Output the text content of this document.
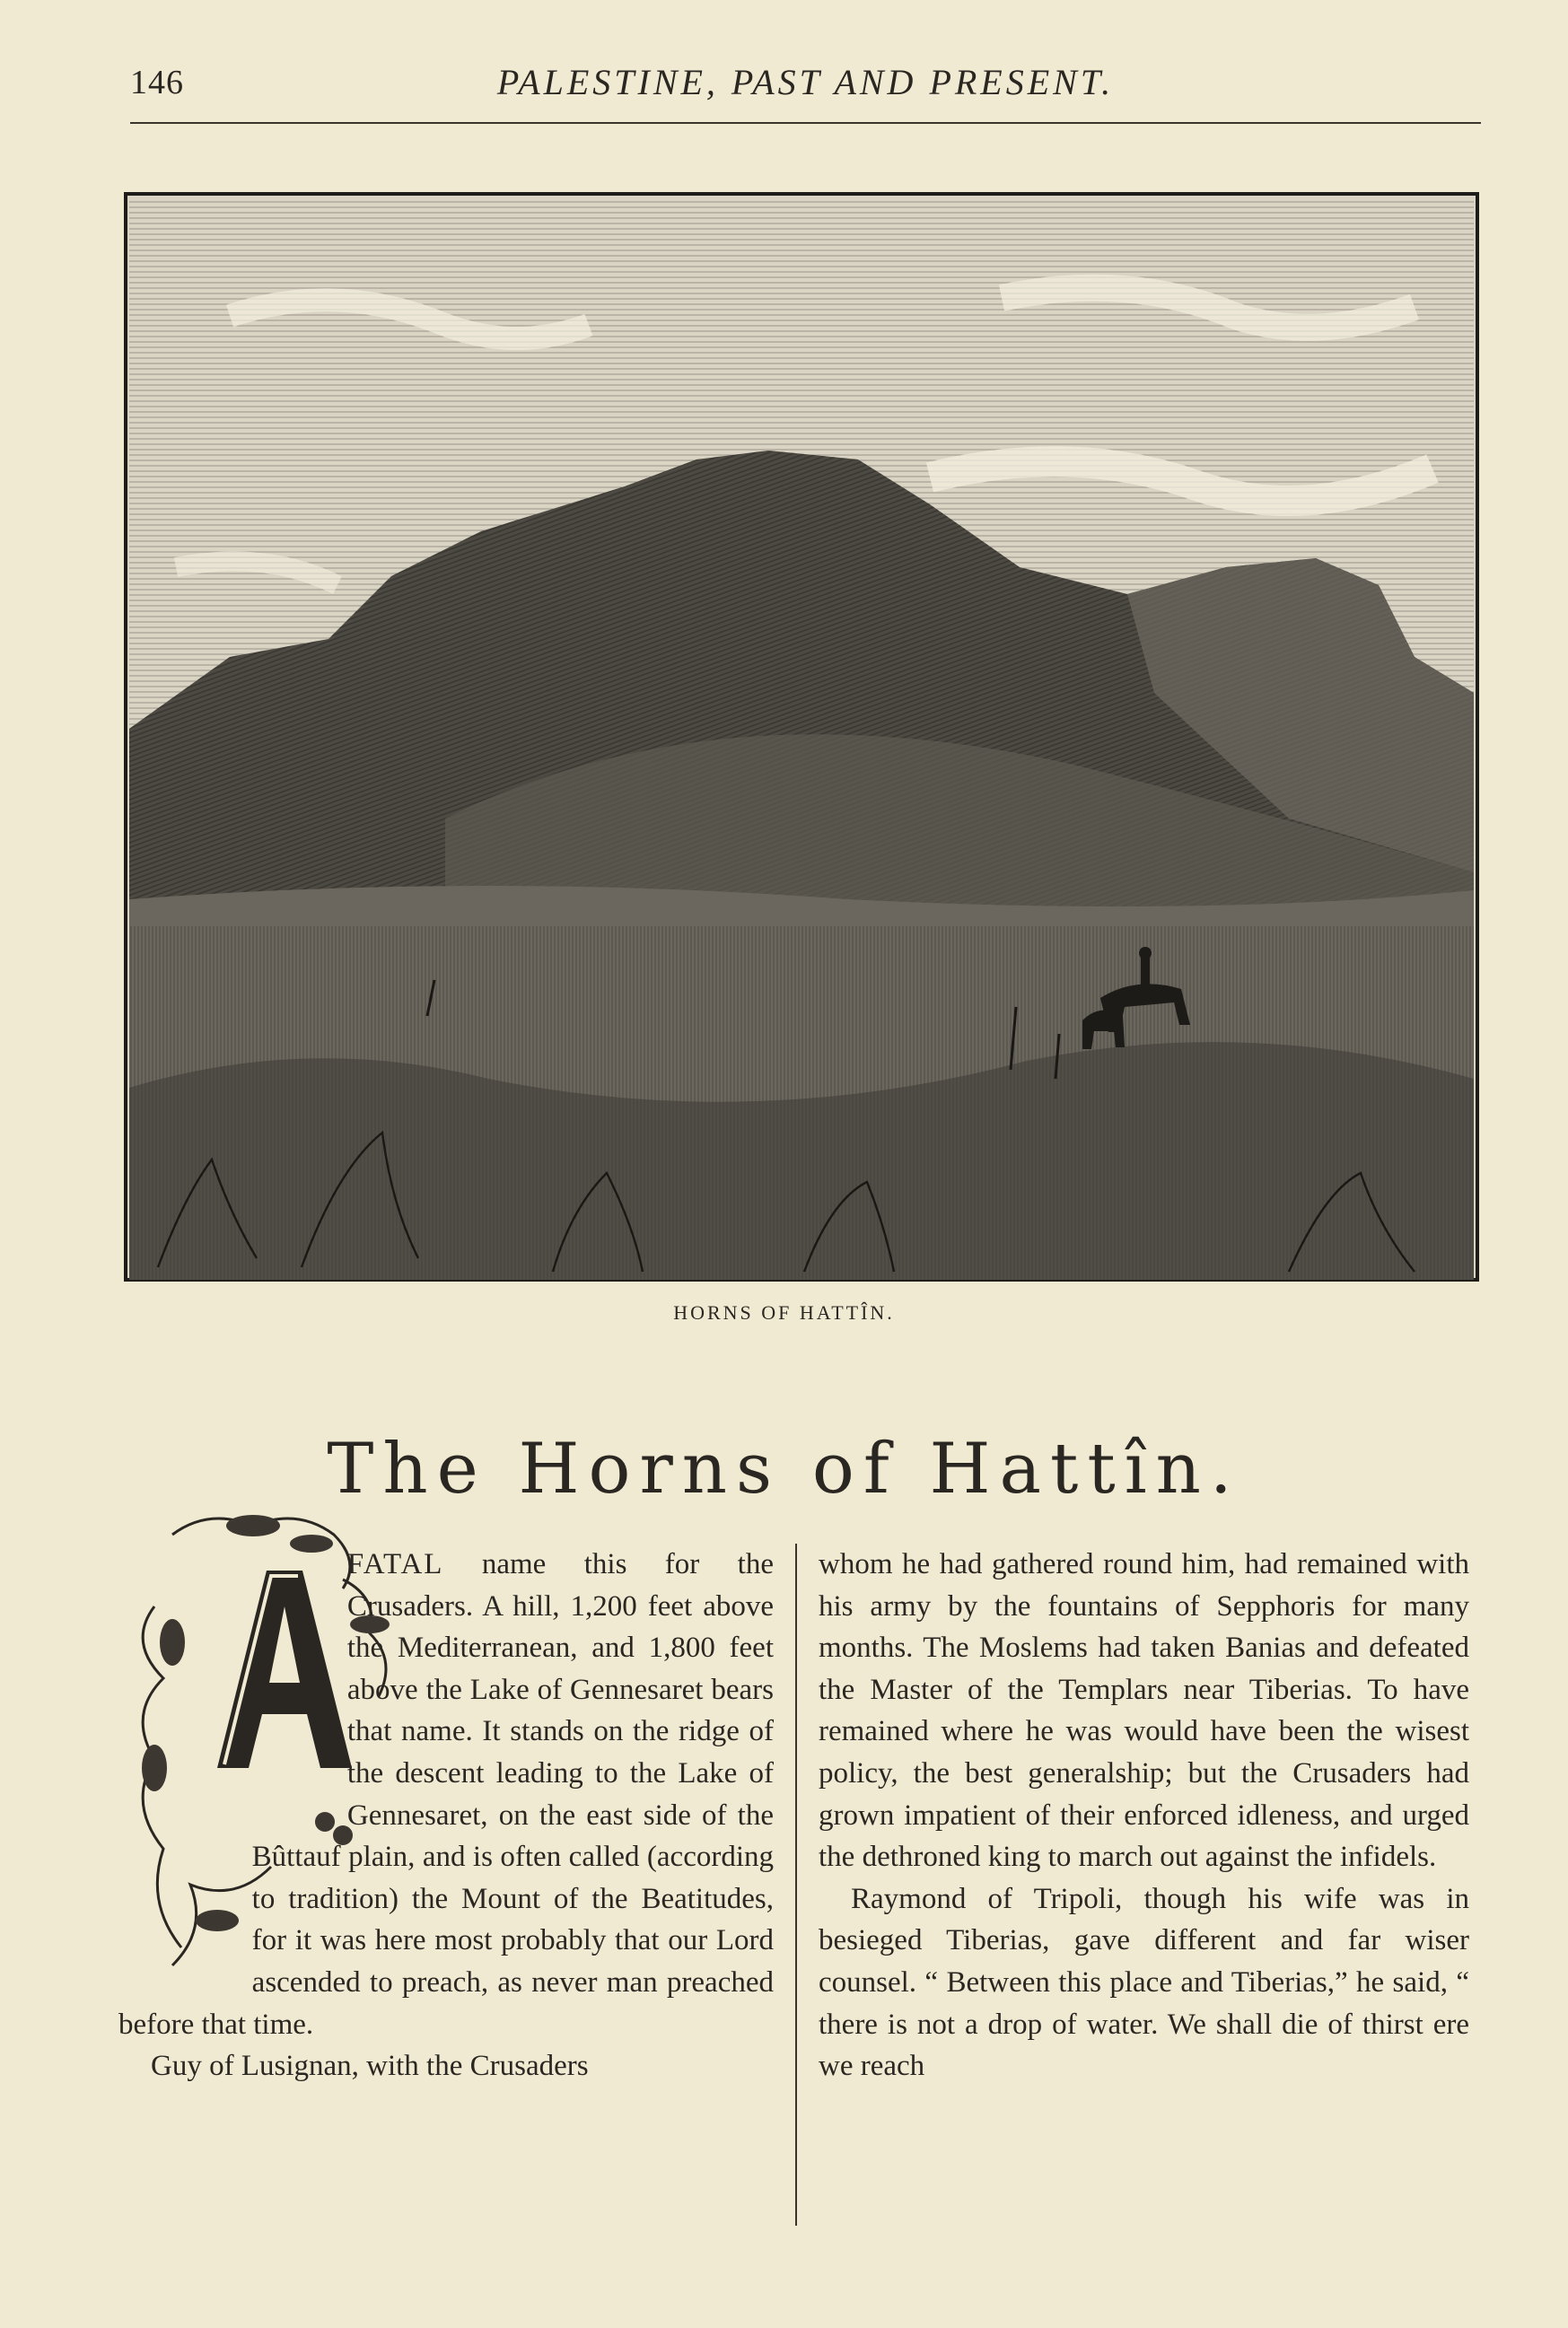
146	PALESTINE, PAST AND PRESENT.
HORNS OF HATTÎN.
The Horns of Hattîn.

FATAL name this for the Crusaders. A hill, 1,200 feet above the Mediterranean, and 1,800 feet above the Lake of Gennesaret bears that name. It stands on the ridge of the descent leading to the Lake of Gennesaret, on the east side of the Bûttauf plain, and is often called (according to tradition) the Mount of the Beatitudes, for it was here most probably that our Lord ascended to preach, as never man preached before that time.

Guy of Lusignan, with the Crusaders

whom he had gathered round him, had remained with his army by the fountains of Sepphoris for many months. The Moslems had taken Banias and defeated the Master of the Templars near Tiberias. To have remained where he was would have been the wisest policy, the best generalship; but the Crusaders had grown impatient of their enforced idleness, and urged the dethroned king to march out against the infidels.

Raymond of Tripoli, though his wife was in besieged Tiberias, gave different and far wiser counsel. “ Between this place and Tiberias,” he said, “ there is not a drop of water. We shall die of thirst ere we reach
